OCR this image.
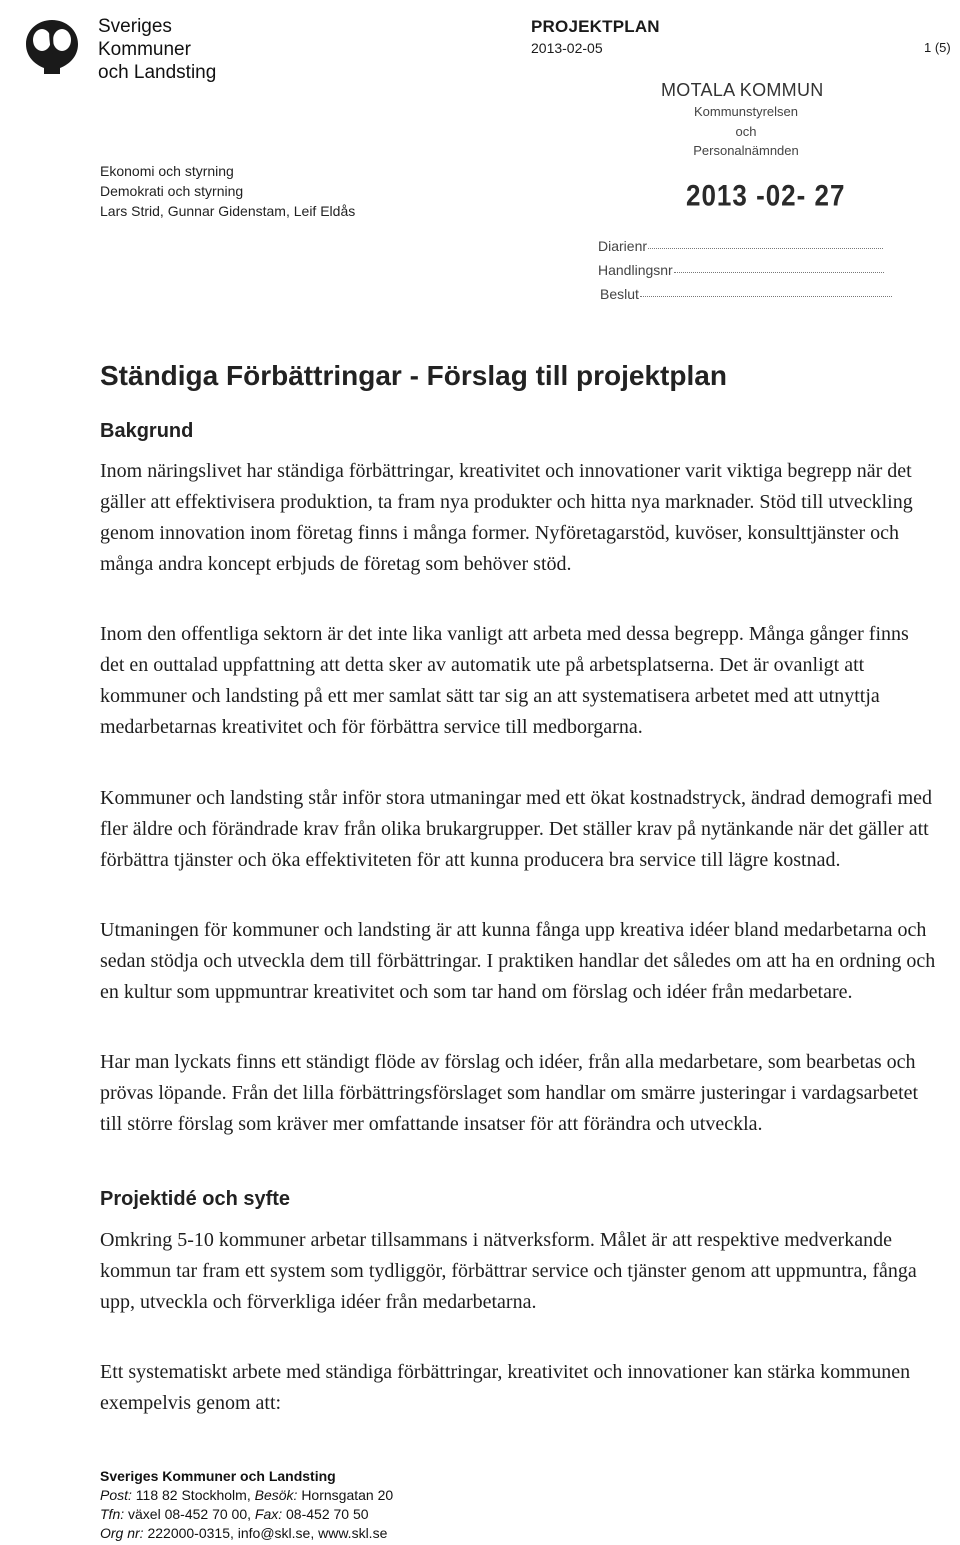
Sveriges
Kommuner
och Landsting
PROJEKTPLAN
2013-02-05	1 (5)
Ekonomi och styrning
Demokrati och styrning
Lars Strid, Gunnar Gidenstam, Leif Eldås
MOTALA KOMMUN
Kommunstyrelsen
och
Personalnämnden
2013 -02- 27
Diarienr
Handlingsnr
Beslut
Ständiga Förbättringar - Förslag till projektplan
Bakgrund
Inom näringslivet har ständiga förbättringar, kreativitet och innovationer varit viktiga begrepp när det gäller att effektivisera produktion, ta fram nya produkter och hitta nya marknader. Stöd till utveckling genom innovation inom företag finns i många former. Nyföretagarstöd, kuvöser, konsulttjänster och många andra koncept erbjuds de företag som behöver stöd.
Inom den offentliga sektorn är det inte lika vanligt att arbeta med dessa begrepp. Många gånger finns det en outtalad uppfattning att detta sker av automatik ute på arbetsplatserna. Det är ovanligt att kommuner och landsting på ett mer samlat sätt tar sig an att systematisera arbetet med att utnyttja medarbetarnas kreativitet och för förbättra service till medborgarna.
Kommuner och landsting står inför stora utmaningar med ett ökat kostnadstryck, ändrad demografi med fler äldre och förändrade krav från olika brukargrupper. Det ställer krav på nytänkande när det gäller att förbättra tjänster och öka effektiviteten för att kunna producera bra service till lägre kostnad.
Utmaningen för kommuner och landsting är att kunna fånga upp kreativa idéer bland medarbetarna och sedan stödja och utveckla dem till förbättringar. I praktiken handlar det således om att ha en ordning och en kultur som uppmuntrar kreativitet och som tar hand om förslag och idéer från medarbetare.
Har man lyckats finns ett ständigt flöde av förslag och idéer, från alla medarbetare, som bearbetas och prövas löpande. Från det lilla förbättringsförslaget som handlar om smärre justeringar i vardagsarbetet till större förslag som kräver mer omfattande insatser för att förändra och utveckla.
Projektidé och syfte
Omkring 5-10 kommuner arbetar tillsammans i nätverksform. Målet är att respektive medverkande kommun tar fram ett system som tydliggör, förbättrar service och tjänster genom att uppmuntra, fånga upp, utveckla och förverkliga idéer från medarbetarna.
Ett systematiskt arbete med ständiga förbättringar, kreativitet och innovationer kan stärka kommunen exempelvis genom att:
Sveriges Kommuner och Landsting
Post: 118 82 Stockholm, Besök: Hornsgatan 20
Tfn: växel 08-452 70 00, Fax: 08-452 70 50
Org nr: 222000-0315, info@skl.se, www.skl.se
